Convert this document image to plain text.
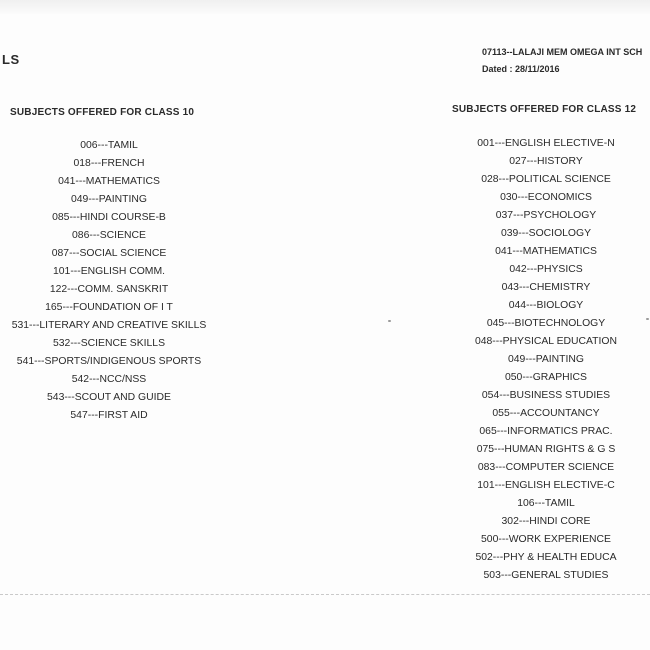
LS	07113--LALAJI MEM OMEGA INT SCH
Dated : 28/11/2016
SUBJECTS OFFERED FOR CLASS 10
006---TAMIL
018---FRENCH
041---MATHEMATICS
049---PAINTING
085---HINDI COURSE-B
086---SCIENCE
087---SOCIAL SCIENCE
101---ENGLISH COMM.
122---COMM. SANSKRIT
165---FOUNDATION OF I T
531---LITERARY AND CREATIVE SKILLS
532---SCIENCE SKILLS
541---SPORTS/INDIGENOUS SPORTS
542---NCC/NSS
543---SCOUT AND GUIDE
547---FIRST AID
SUBJECTS OFFERED FOR CLASS 12
001---ENGLISH ELECTIVE-N
027---HISTORY
028---POLITICAL SCIENCE
030---ECONOMICS
037---PSYCHOLOGY
039---SOCIOLOGY
041---MATHEMATICS
042---PHYSICS
043---CHEMISTRY
044---BIOLOGY
045---BIOTECHNOLOGY
048---PHYSICAL EDUCATION
049---PAINTING
050---GRAPHICS
054---BUSINESS STUDIES
055---ACCOUNTANCY
065---INFORMATICS PRAC.
075---HUMAN RIGHTS & G S
083---COMPUTER SCIENCE
101---ENGLISH ELECTIVE-C
106---TAMIL
302---HINDI CORE
500---WORK EXPERIENCE
502---PHY & HEALTH EDUCA
503---GENERAL STUDIES
